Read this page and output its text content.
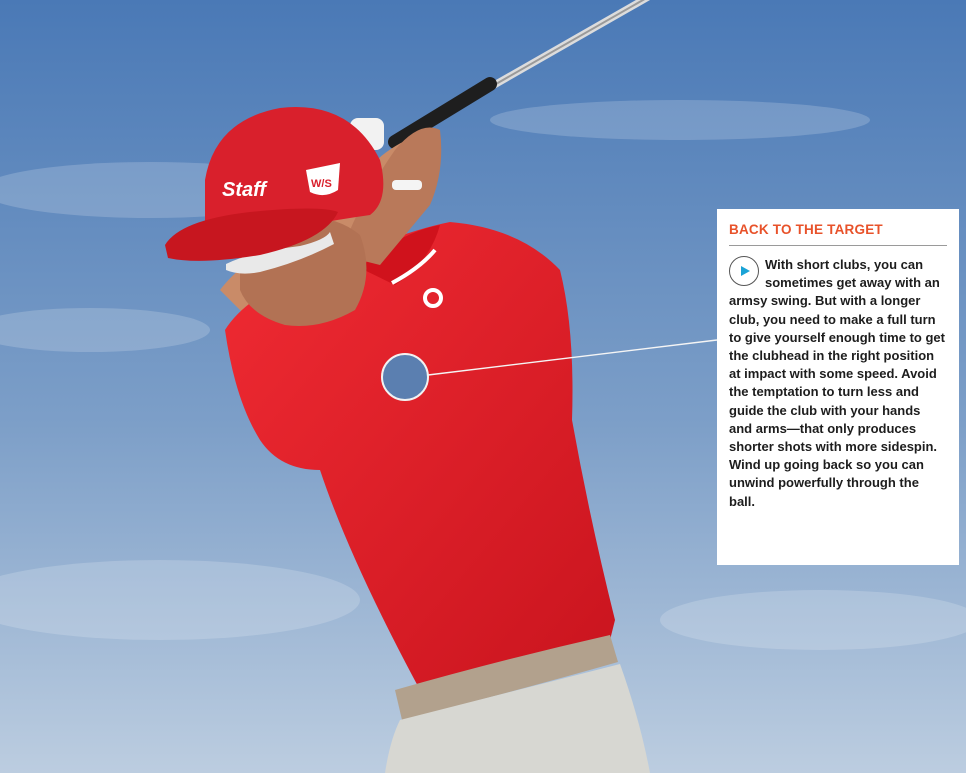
Staff	W/S
BACK TO THE TARGET
With short clubs, you can sometimes get away with an armsy swing. But with a longer club, you need to make a full turn to give yourself enough time to get the clubhead in the right position at impact with some speed. Avoid the temptation to turn less and guide the club with your hands and arms—that only produces shorter shots with more sidespin. Wind up going back so you can unwind powerfully through the ball.
